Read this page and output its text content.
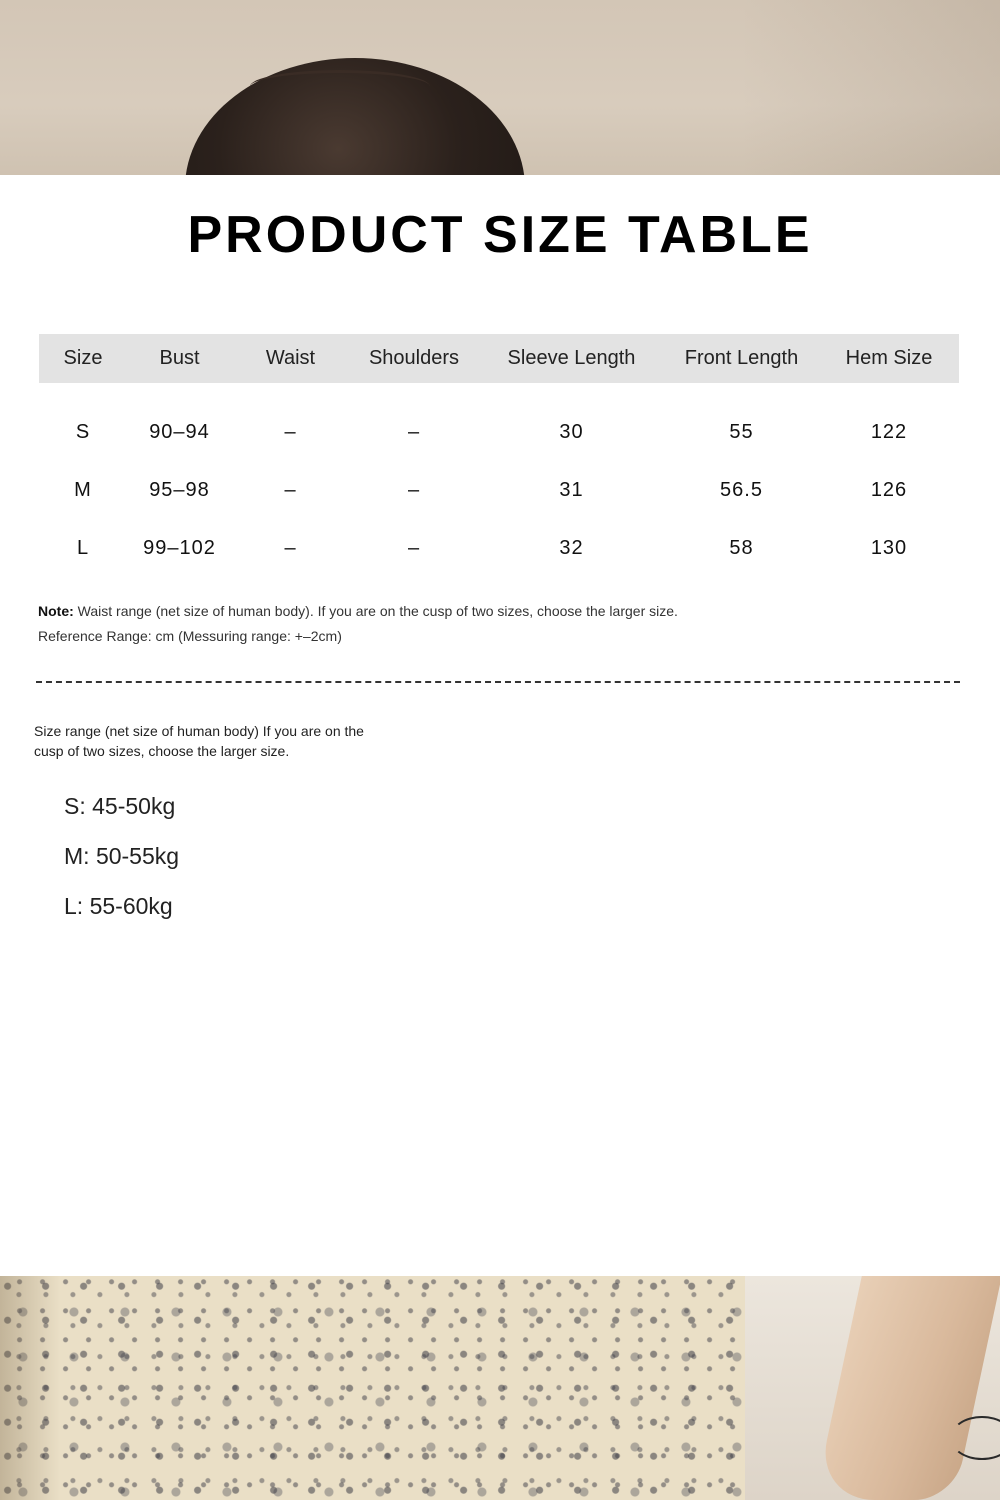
PRODUCT SIZE TABLE
Size	Bust	Waist	Shoulders	Sleeve Length	Front Length	Hem Size

S	90–94	–	–	30	55	122
M	95–98	–	–	31	56.5	126
L	99–102	–	–	32	58	130
Note: Waist range (net size of human body). If you are on the cusp of two sizes, choose the larger size.
Reference Range: cm (Messuring range: +–2cm)
Size range (net size of human body) If you are on the cusp of two sizes, choose the larger size.
S: 45-50kg
M: 50-55kg
L: 55-60kg
